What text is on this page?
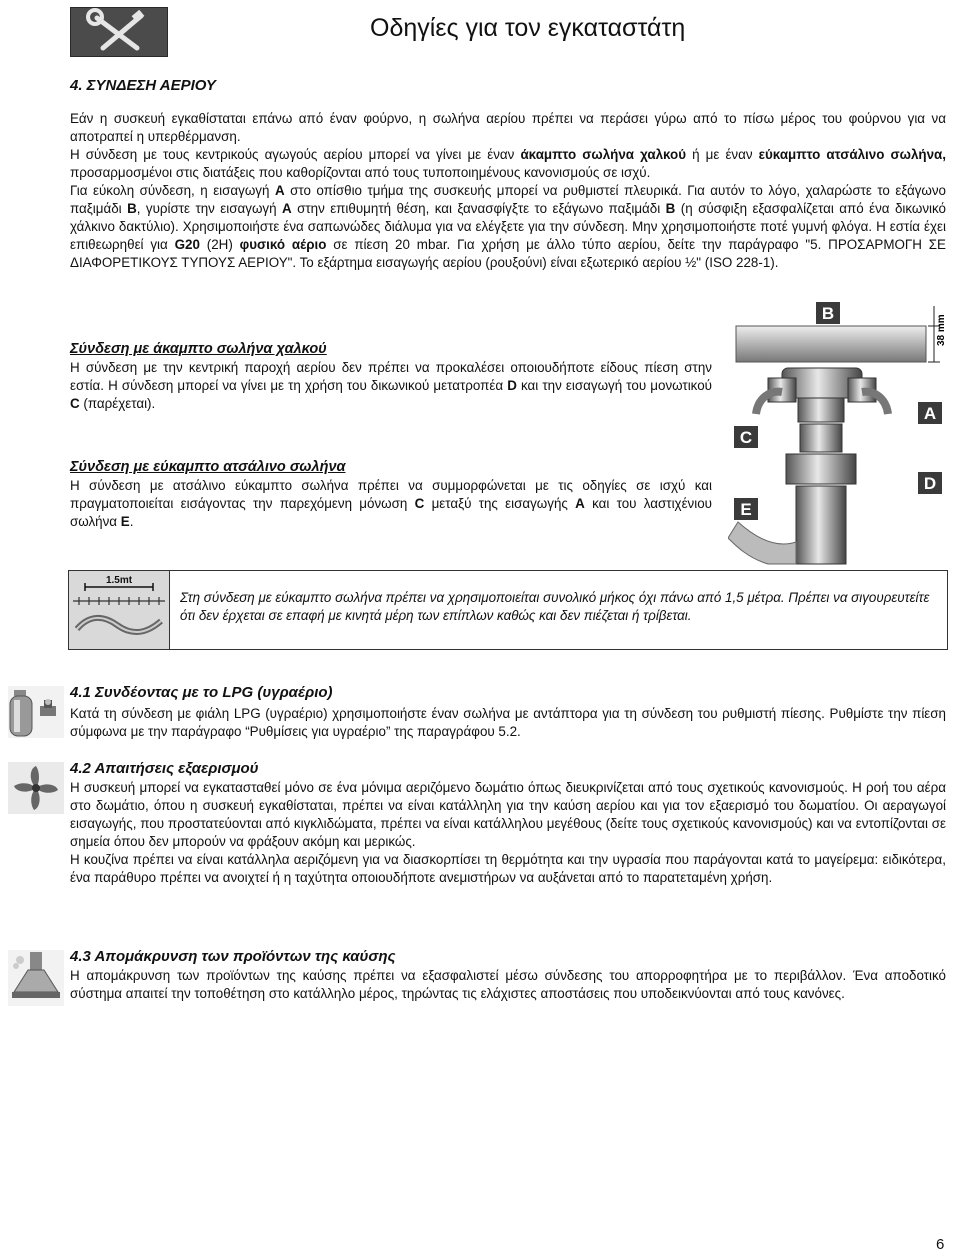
Οδηγίες για τον εγκαταστάτη
4. ΣΥΝΔΕΣΗ ΑΕΡΙΟΥ

Εάν η συσκευή εγκαθίσταται επάνω από έναν φούρνο, η σωλήνα αερίου πρέπει να περάσει γύρω από το πίσω μέρος του φούρνου για να αποτραπεί η υπερθέρμανση.

Η σύνδεση με τους κεντρικούς αγωγούς αερίου μπορεί να γίνει με έναν άκαμπτο σωλήνα χαλκού ή με έναν εύκαμπτο ατσάλινο σωλήνα, προσαρμοσμένοι στις διατάξεις που καθορίζονται από τους τυποποιημένους κανονισμούς σε ισχύ.

Για εύκολη σύνδεση, η εισαγωγή A στο οπίσθιο τμήμα της συσκευής μπορεί να ρυθμιστεί πλευρικά. Για αυτόν το λόγο, χαλαρώστε το εξάγωνο παξιμάδι B, γυρίστε την εισαγωγή A στην επιθυμητή θέση, και ξανασφίγξτε το εξάγωνο παξιμάδι B (η σύσφιξη εξασφαλίζεται από ένα δικωνικό χάλκινο δακτύλιο). Χρησιμοποιήστε ένα σαπωνώδες διάλυμα για να ελέγξετε για την σύνδεση. Μην χρησιμοποιήστε ποτέ γυμνή φλόγα. Η εστία έχει επιθεωρηθεί για G20 (2H) φυσικό αέριο σε πίεση 20 mbar. Για χρήση με άλλο τύπο αερίου, δείτε την παράγραφο "5. ΠΡΟΣΑΡΜΟΓΗ ΣΕ ΔΙΑΦΟΡΕΤΙΚΟΥΣ ΤΥΠΟΥΣ ΑΕΡΙΟΥ". Το εξάρτημα εισαγωγής αερίου (ρουξούνι) είναι εξωτερικό αερίου ½" (ISO 228-1).

Σύνδεση με άκαμπτο σωλήνα χαλκού

Η σύνδεση με την κεντρική παροχή αερίου δεν πρέπει να προκαλέσει οποιουδήποτε είδους πίεση στην εστία. Η σύνδεση μπορεί να γίνει με τη χρήση του δικωνικού μετατροπέα D και την εισαγωγή του μονωτικού C (παρέχεται).

Σύνδεση με εύκαμπτο ατσάλινο σωλήνα

Η σύνδεση με ατσάλινο εύκαμπτο σωλήνα πρέπει να συμμορφώνεται με τις οδηγίες σε ισχύ και πραγματοποιείται εισάγοντας την παρεχόμενη μόνωση C μεταξύ της εισαγωγής A και του λαστιχένιου σωλήνα E.

38 mm
B
A
C
D
E
1.5mt
Στη σύνδεση με εύκαμπτο σωλήνα πρέπει να χρησιμοποιείται συνολικό μήκος όχι πάνω από 1,5 μέτρα. Πρέπει να σιγουρευτείτε ότι δεν έρχεται σε επαφή με κινητά μέρη των επίπλων καθώς και δεν πιέζεται ή τρίβεται.
4.1 Συνδέοντας με το LPG (υγραέριο)

Κατά τη σύνδεση με φιάλη LPG (υγραέριο) χρησιμοποιήστε έναν σωλήνα με αντάπτορα για τη σύνδεση του ρυθμιστή πίεσης. Ρυθμίστε την πίεση σύμφωνα με την παράγραφο “Ρυθμίσεις για υγραέριο” της παραγράφου 5.2.

4.2 Απαιτήσεις εξαερισμού

Η συσκευή μπορεί να εγκατασταθεί μόνο σε ένα μόνιμα αεριζόμενο δωμάτιο όπως διευκρινίζεται από τους σχετικούς κανονισμούς. Η ροή του αέρα στο δωμάτιο, όπου η συσκευή εγκαθίσταται, πρέπει να είναι κατάλληλη για την καύση αερίου και για τον εξαερισμό του δωματίου. Οι αεραγωγοί εισαγωγής, που προστατεύονται από κιγκλιδώματα, πρέπει να είναι κατάλληλου μεγέθους (δείτε τους σχετικούς κανονισμούς) και να εντοπίζονται σε σημεία όπου δεν μπορούν να φράξουν ακόμη και μερικώς.

Η κουζίνα πρέπει να είναι κατάλληλα αεριζόμενη για να διασκορπίσει τη θερμότητα και την υγρασία που παράγονται κατά το μαγείρεμα: ειδικότερα, ένα παράθυρο πρέπει να ανοιχτεί ή η ταχύτητα οποιουδήποτε ανεμιστήρων να αυξάνεται από το παρατεταμένη χρήση.

4.3 Απομάκρυνση των προϊόντων της καύσης

Η απομάκρυνση των προϊόντων της καύσης πρέπει να εξασφαλιστεί μέσω σύνδεσης του απορροφητήρα με το περιβάλλον. Ένα αποδοτικό σύστημα απαιτεί την τοποθέτηση στο κατάλληλο μέρος, τηρώντας τις ελάχιστες αποστάσεις που υποδεικνύονται από τους κανόνες.

6
